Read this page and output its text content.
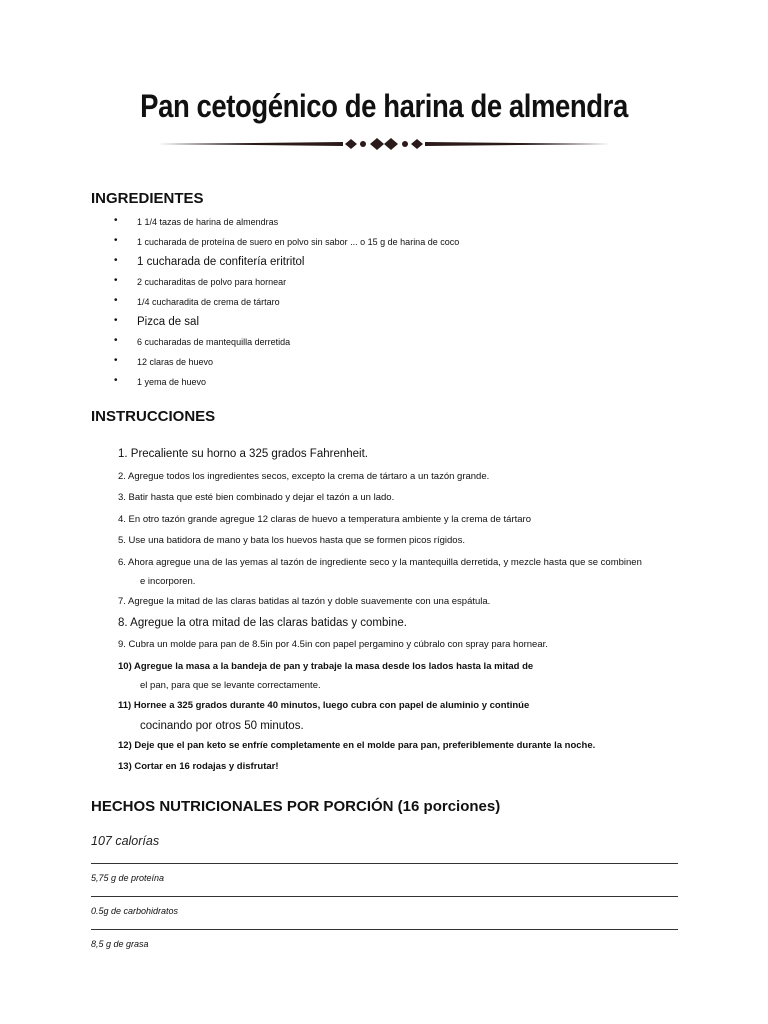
Pan cetogénico de harina de almendra
INGREDIENTES
• 1 1/4 tazas de harina de almendras
• 1 cucharada de proteína de suero en polvo sin sabor ... o 15 g de harina de coco
• 1 cucharada de confitería eritritol
• 2 cucharaditas de polvo para hornear
• 1/4 cucharadita de crema de tártaro
• Pizca de sal
• 6 cucharadas de mantequilla derretida
• 12 claras de huevo
• 1 yema de huevo
INSTRUCCIONES
1. Precaliente su horno a 325 grados Fahrenheit.
2. Agregue todos los ingredientes secos, excepto la crema de tártaro a un tazón grande.
3. Batir hasta que esté bien combinado y dejar el tazón a un lado.
4. En otro tazón grande agregue 12 claras de huevo a temperatura ambiente y la crema de tártaro
5. Use una batidora de mano y bata los huevos hasta que se formen picos rígidos.
6. Ahora agregue una de las yemas al tazón de ingrediente seco y la mantequilla derretida, y mezcle hasta que se combinen
e incorporen.
7. Agregue la mitad de las claras batidas al tazón y doble suavemente con una espátula.
8. Agregue la otra mitad de las claras batidas y combine.
9. Cubra un molde para pan de 8.5in por 4.5in con papel pergamino y cúbralo con spray para hornear.
10) Agregue la masa a la bandeja de pan y trabaje la masa desde los lados hasta la mitad de
el pan, para que se levante correctamente.
11) Hornee a 325 grados durante 40 minutos, luego cubra con papel de aluminio y continúe
cocinando por otros 50 minutos.
12) Deje que el pan keto se enfríe completamente en el molde para pan, preferiblemente durante la noche.
13) Cortar en 16 rodajas y disfrutar!
HECHOS NUTRICIONALES POR PORCIÓN (16 porciones)
107 calorías
5,75 g de proteína
0.5g de carbohidratos
8,5 g de grasa
